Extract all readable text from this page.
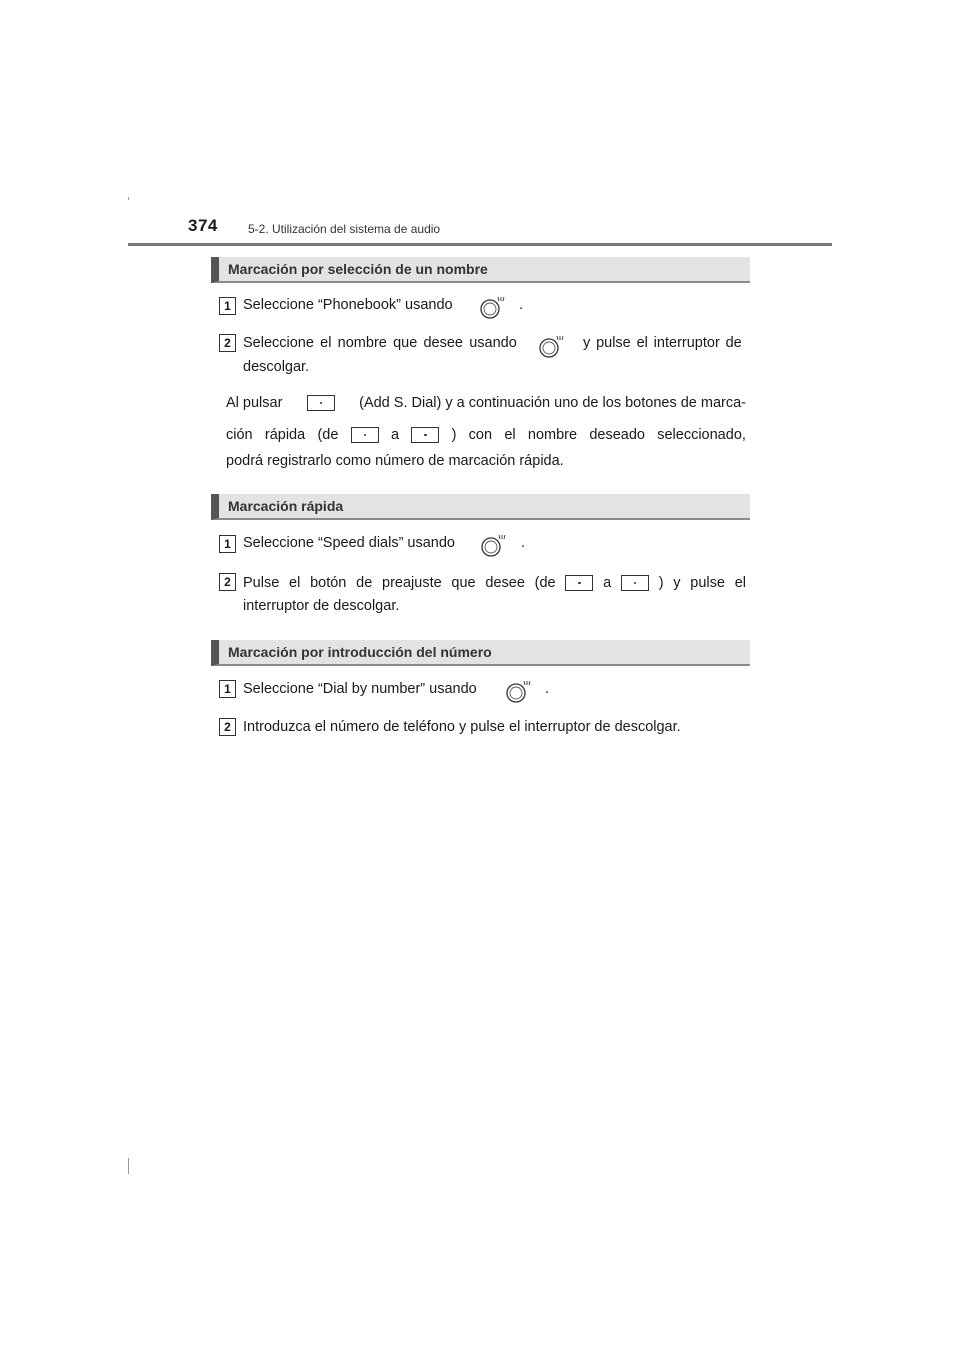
374	5-2. Utilización del sistema de audio
Marcación por selección de un nombre
1 Seleccione “Phonebook” usando	.
2 Seleccione el nombre que desee usando	y pulse el interruptor de
descolgar.
Al pulsar	(Add S. Dial) y a continuación uno de los botones de marca-
ción rápida (de	a	) con el nombre deseado seleccionado,
podrá registrarlo como número de marcación rápida.
Marcación rápida
1 Seleccione “Speed dials” usando	.
2 Pulse el botón de preajuste que desee (de	a	) y pulse el
interruptor de descolgar.
Marcación por introducción del número
1 Seleccione “Dial by number” usando	.
2 Introduzca el número de teléfono y pulse el interruptor de descolgar.
